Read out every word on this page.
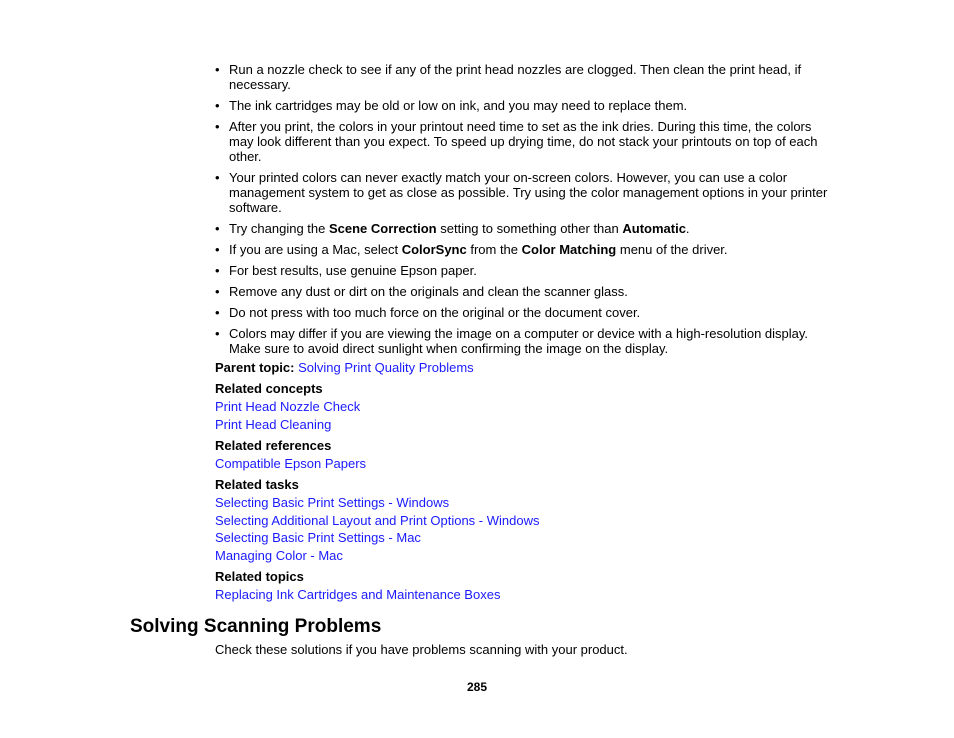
• Run a nozzle check to see if any of the print head nozzles are clogged. Then clean the print head, if necessary.
• The ink cartridges may be old or low on ink, and you may need to replace them.
• After you print, the colors in your printout need time to set as the ink dries. During this time, the colors may look different than you expect. To speed up drying time, do not stack your printouts on top of each other.
• Your printed colors can never exactly match your on-screen colors. However, you can use a color management system to get as close as possible. Try using the color management options in your printer software.
• Try changing the Scene Correction setting to something other than Automatic.
• If you are using a Mac, select ColorSync from the Color Matching menu of the driver.
• For best results, use genuine Epson paper.
• Remove any dust or dirt on the originals and clean the scanner glass.
• Do not press with too much force on the original or the document cover.
• Colors may differ if you are viewing the image on a computer or device with a high-resolution display. Make sure to avoid direct sunlight when confirming the image on the display.
Parent topic: Solving Print Quality Problems
Related concepts
Print Head Nozzle Check
Print Head Cleaning
Related references
Compatible Epson Papers
Related tasks
Selecting Basic Print Settings - Windows
Selecting Additional Layout and Print Options - Windows
Selecting Basic Print Settings - Mac
Managing Color - Mac
Related topics
Replacing Ink Cartridges and Maintenance Boxes
Solving Scanning Problems
Check these solutions if you have problems scanning with your product.
285
